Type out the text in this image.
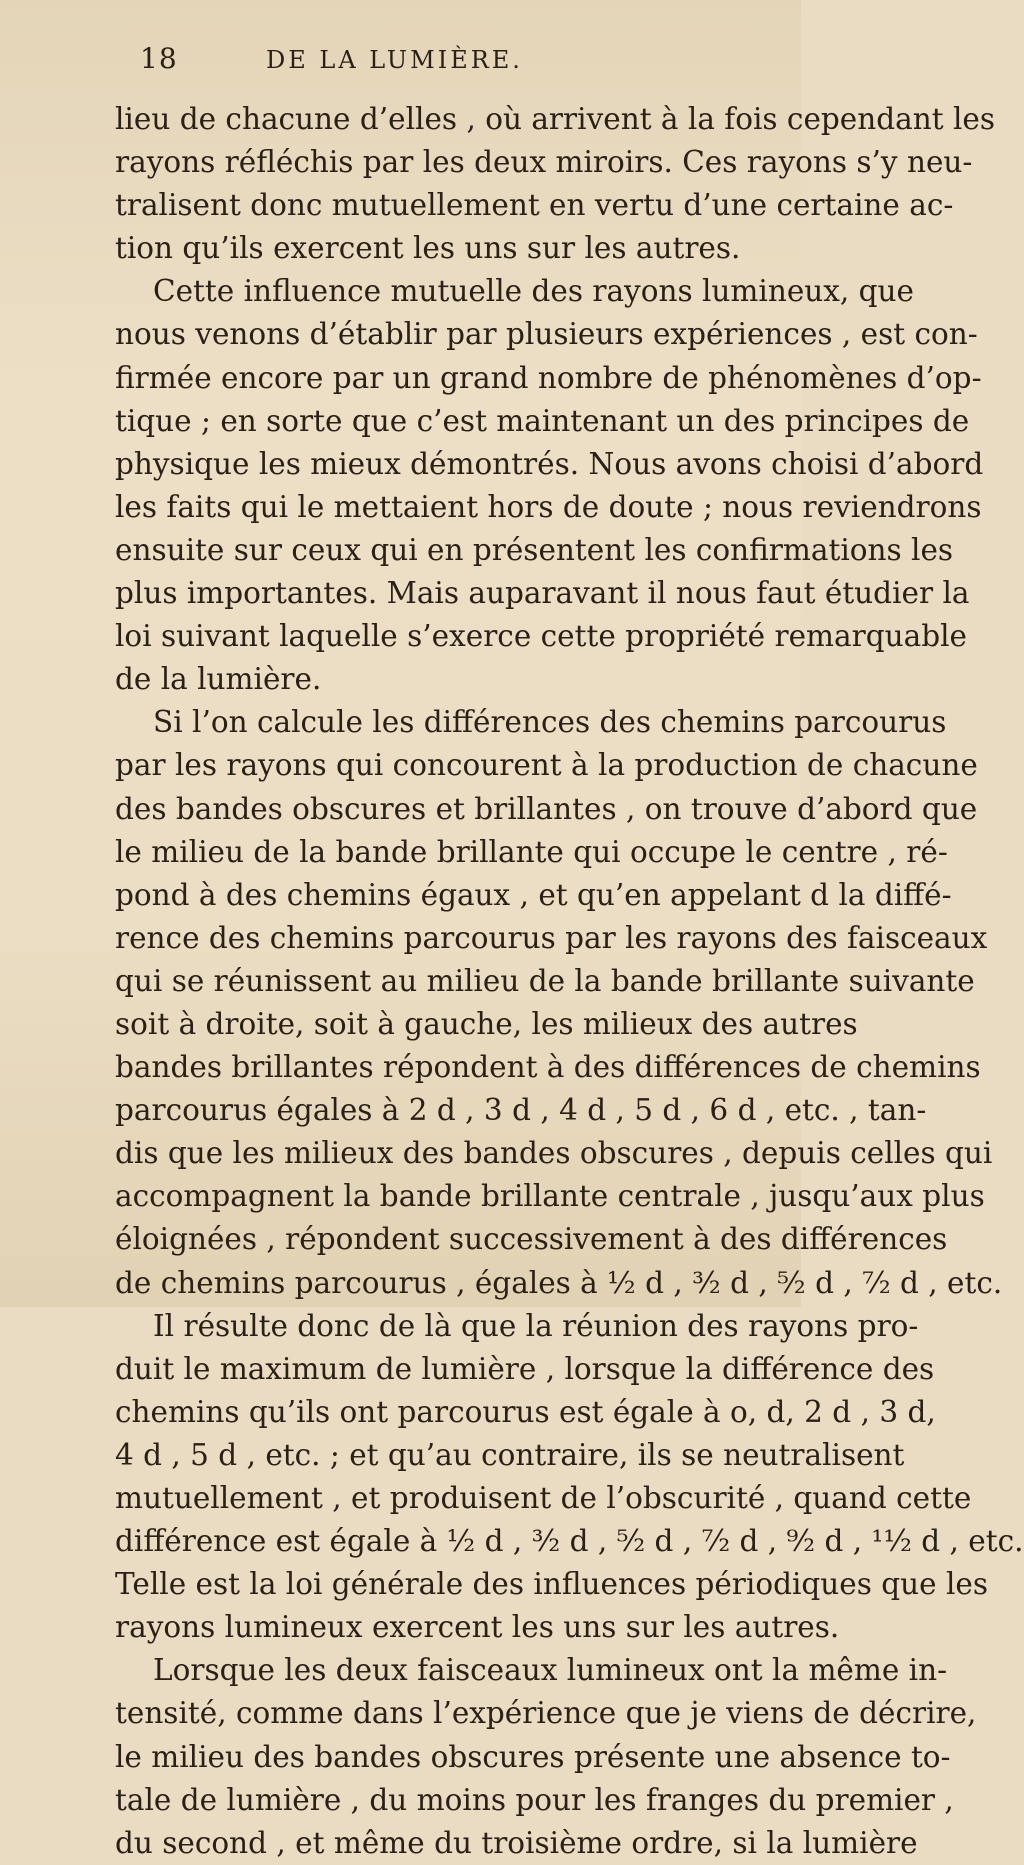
18	DE LA LUMIÈRE.
lieu de chacune d’elles , où arrivent à la fois cependant les
rayons réfléchis par les deux miroirs. Ces rayons s’y neu-
tralisent donc mutuellement en vertu d’une certaine ac-
tion qu’ils exercent les uns sur les autres.
Cette influence mutuelle des rayons lumineux, que
nous venons d’établir par plusieurs expériences , est con-
firmée encore par un grand nombre de phénomènes d’op-
tique ; en sorte que c’est maintenant un des principes de
physique les mieux démontrés. Nous avons choisi d’abord
les faits qui le mettaient hors de doute ; nous reviendrons
ensuite sur ceux qui en présentent les confirmations les
plus importantes. Mais auparavant il nous faut étudier la
loi suivant laquelle s’exerce cette propriété remarquable
de la lumière.
Si l’on calcule les différences des chemins parcourus
par les rayons qui concourent à la production de chacune
des bandes obscures et brillantes , on trouve d’abord que
le milieu de la bande brillante qui occupe le centre , ré-
pond à des chemins égaux , et qu’en appelant d la diffé-
rence des chemins parcourus par les rayons des faisceaux
qui se réunissent au milieu de la bande brillante suivante
soit à droite, soit à gauche, les milieux des autres
bandes brillantes répondent à des différences de chemins
parcourus égales à 2 d , 3 d , 4 d , 5 d , 6 d , etc. , tan-
dis que les milieux des bandes obscures , depuis celles qui
accompagnent la bande brillante centrale , jusqu’aux plus
éloignées , répondent successivement à des différences
de chemins parcourus , égales à ½ d , ³⁄₂ d , ⁵⁄₂ d , ⁷⁄₂ d , etc.
Il résulte donc de là que la réunion des rayons pro-
duit le maximum de lumière , lorsque la différence des
chemins qu’ils ont parcourus est égale à o, d, 2 d , 3 d,
4 d , 5 d , etc. ; et qu’au contraire, ils se neutralisent
mutuellement , et produisent de l’obscurité , quand cette
différence est égale à ½ d , ³⁄₂ d , ⁵⁄₂ d , ⁷⁄₂ d , ⁹⁄₂ d , ¹¹⁄₂ d , etc.
Telle est la loi générale des influences périodiques que les
rayons lumineux exercent les uns sur les autres.
Lorsque les deux faisceaux lumineux ont la même in-
tensité, comme dans l’expérience que je viens de décrire,
le milieu des bandes obscures présente une absence to-
tale de lumière , du moins pour les franges du premier ,
du second , et même du troisième ordre, si la lumière
